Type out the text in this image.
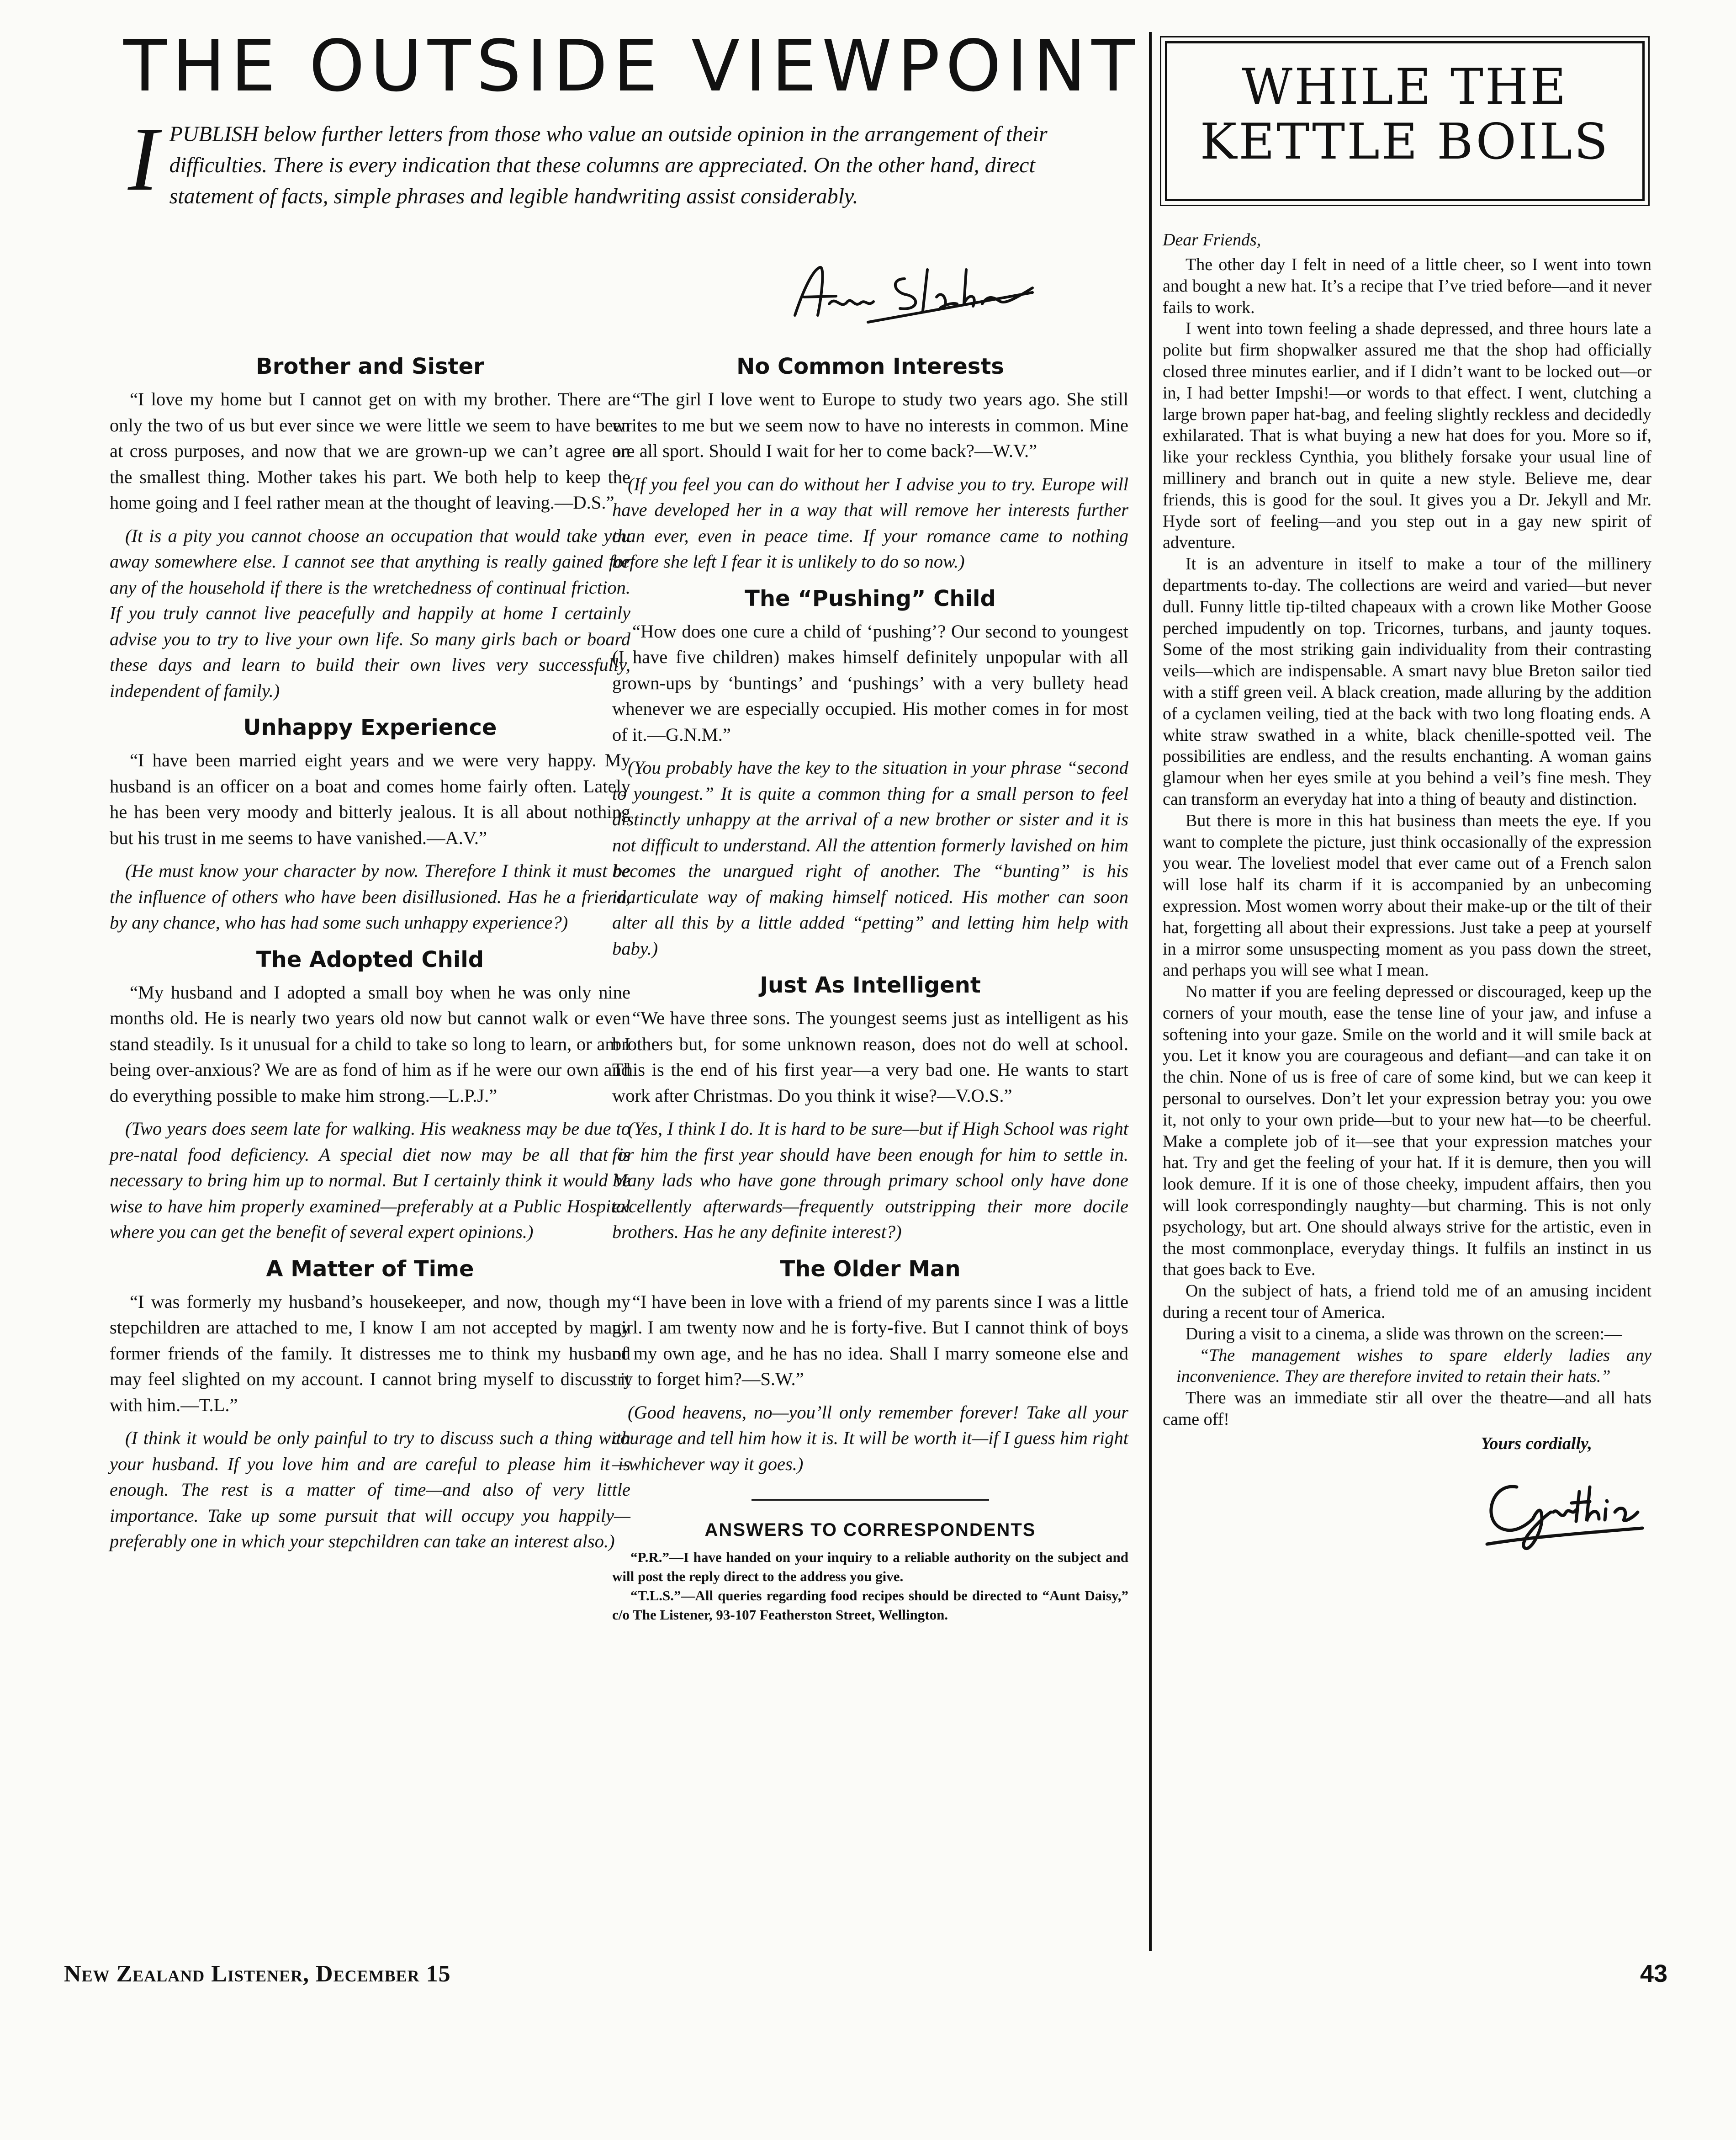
THE OUTSIDE VIEWPOINT

IPUBLISH below further letters from those who value an outside opinion in the arrangement of their difficulties. There is every indication that these columns are appreciated. On the other hand, direct statement of facts, simple phrases and legible handwriting assist considerably.

Brother and Sister

“I love my home but I cannot get on with my brother. There are only the two of us but ever since we were little we seem to have been at cross purposes, and now that we are grown-up we can’t agree on the smallest thing. Mother takes his part. We both help to keep the home going and I feel rather mean at the thought of leaving.—D.S.”

(It is a pity you cannot choose an occupation that would take you away somewhere else. I cannot see that anything is really gained for any of the household if there is the wretchedness of continual friction. If you truly cannot live peacefully and happily at home I certainly advise you to try to live your own life. So many girls bach or board these days and learn to build their own lives very successfully, independent of family.)

Unhappy Experience

“I have been married eight years and we were very happy. My husband is an officer on a boat and comes home fairly often. Lately he has been very moody and bitterly jealous. It is all about nothing but his trust in me seems to have vanished.—A.V.”

(He must know your character by now. Therefore I think it must be the influence of others who have been disillusioned. Has he a friend, by any chance, who has had some such unhappy experience?)

The Adopted Child

“My husband and I adopted a small boy when he was only nine months old. He is nearly two years old now but cannot walk or even stand steadily. Is it unusual for a child to take so long to learn, or am I being over-anxious? We are as fond of him as if he were our own and do everything possible to make him strong.—L.P.J.”

(Two years does seem late for walking. His weakness may be due to pre-natal food deficiency. A special diet now may be all that is necessary to bring him up to normal. But I certainly think it would be wise to have him properly examined—preferably at a Public Hospital where you can get the benefit of several expert opinions.)

A Matter of Time

“I was formerly my husband’s housekeeper, and now, though my stepchildren are attached to me, I know I am not accepted by many former friends of the family. It distresses me to think my husband may feel slighted on my account. I cannot bring myself to discuss it with him.—T.L.”

(I think it would be only painful to try to discuss such a thing with your husband. If you love him and are careful to please him it is enough. The rest is a matter of time—and also of very little importance. Take up some pursuit that will occupy you happily—preferably one in which your stepchildren can take an interest also.)

No Common Interests

“The girl I love went to Europe to study two years ago. She still writes to me but we seem now to have no interests in common. Mine are all sport. Should I wait for her to come back?—W.V.”

(If you feel you can do without her I advise you to try. Europe will have developed her in a way that will remove her interests further than ever, even in peace time. If your romance came to nothing before she left I fear it is unlikely to do so now.)

The “Pushing” Child

“How does one cure a child of ‘pushing’? Our second to youngest (I have five children) makes himself definitely unpopular with all grown-ups by ‘buntings’ and ‘pushings’ with a very bullety head whenever we are especially occupied. His mother comes in for most of it.—G.N.M.”

(You probably have the key to the situation in your phrase “second to youngest.” It is quite a common thing for a small person to feel distinctly unhappy at the arrival of a new brother or sister and it is not difficult to understand. All the attention formerly lavished on him becomes the unargued right of another. The “bunting” is his inarticulate way of making himself noticed. His mother can soon alter all this by a little added “petting” and letting him help with baby.)

Just As Intelligent

“We have three sons. The youngest seems just as intelligent as his brothers but, for some unknown reason, does not do well at school. This is the end of his first year—a very bad one. He wants to start work after Christmas. Do you think it wise?—V.O.S.”

(Yes, I think I do. It is hard to be sure—but if High School was right for him the first year should have been enough for him to settle in. Many lads who have gone through primary school only have done excellently afterwards—frequently outstripping their more docile brothers. Has he any definite interest?)

The Older Man

“I have been in love with a friend of my parents since I was a little girl. I am twenty now and he is forty-five. But I cannot think of boys of my own age, and he has no idea. Shall I marry someone else and try to forget him?—S.W.”

(Good heavens, no—you’ll only remember forever! Take all your courage and tell him how it is. It will be worth it—if I guess him right—whichever way it goes.)

ANSWERS TO CORRESPONDENTS

“P.R.”—I have handed on your inquiry to a reliable authority on the subject and will post the reply direct to the address you give.

“T.L.S.”—All queries regarding food recipes should be directed to “Aunt Daisy,” c/o The Listener, 93-107 Featherston Street, Wellington.

WHILE THE
KETTLE BOILS
Dear Friends,

The other day I felt in need of a little cheer, so I went into town and bought a new hat. It’s a recipe that I’ve tried before—and it never fails to work.

I went into town feeling a shade depressed, and three hours late a polite but firm shopwalker assured me that the shop had officially closed three minutes earlier, and if I didn’t want to be locked out—or in, I had better Impshi!—or words to that effect. I went, clutching a large brown paper hat-bag, and feeling slightly reckless and decidedly exhilarated. That is what buying a new hat does for you. More so if, like your reckless Cynthia, you blithely forsake your usual line of millinery and branch out in quite a new style. Believe me, dear friends, this is good for the soul. It gives you a Dr. Jekyll and Mr. Hyde sort of feeling—and you step out in a gay new spirit of adventure.

It is an adventure in itself to make a tour of the millinery departments to-day. The collections are weird and varied—but never dull. Funny little tip-tilted chapeaux with a crown like Mother Goose perched impudently on top. Tricornes, turbans, and jaunty toques. Some of the most striking gain individuality from their contrasting veils—which are indispensable. A smart navy blue Breton sailor tied with a stiff green veil. A black creation, made alluring by the addition of a cyclamen veiling, tied at the back with two long floating ends. A white straw swathed in a white, black chenille-spotted veil. The possibilities are endless, and the results enchanting. A woman gains glamour when her eyes smile at you behind a veil’s fine mesh. They can transform an everyday hat into a thing of beauty and distinction.

But there is more in this hat business than meets the eye. If you want to complete the picture, just think occasionally of the expression you wear. The loveliest model that ever came out of a French salon will lose half its charm if it is accompanied by an unbecoming expression. Most women worry about their make-up or the tilt of their hat, forgetting all about their expressions. Just take a peep at yourself in a mirror some unsuspecting moment as you pass down the street, and perhaps you will see what I mean.

No matter if you are feeling depressed or discouraged, keep up the corners of your mouth, ease the tense line of your jaw, and infuse a softening into your gaze. Smile on the world and it will smile back at you. Let it know you are courageous and defiant—and can take it on the chin. None of us is free of care of some kind, but we can keep it personal to ourselves. Don’t let your expression betray you: you owe it, not only to your own pride—but to your new hat—to be cheerful. Make a complete job of it—see that your expression matches your hat. Try and get the feeling of your hat. If it is demure, then you will look demure. If it is one of those cheeky, impudent affairs, then you will look correspondingly naughty—but charming. This is not only psychology, but art. One should always strive for the artistic, even in the most commonplace, everyday things. It fulfils an instinct in us that goes back to Eve.

On the subject of hats, a friend told me of an amusing incident during a recent tour of America.

During a visit to a cinema, a slide was thrown on the screen:—

“The management wishes to spare elderly ladies any inconvenience. They are therefore invited to retain their hats.”

There was an immediate stir all over the theatre—and all hats came off!

Yours cordially,
New Zealand Listener, December 15	43
